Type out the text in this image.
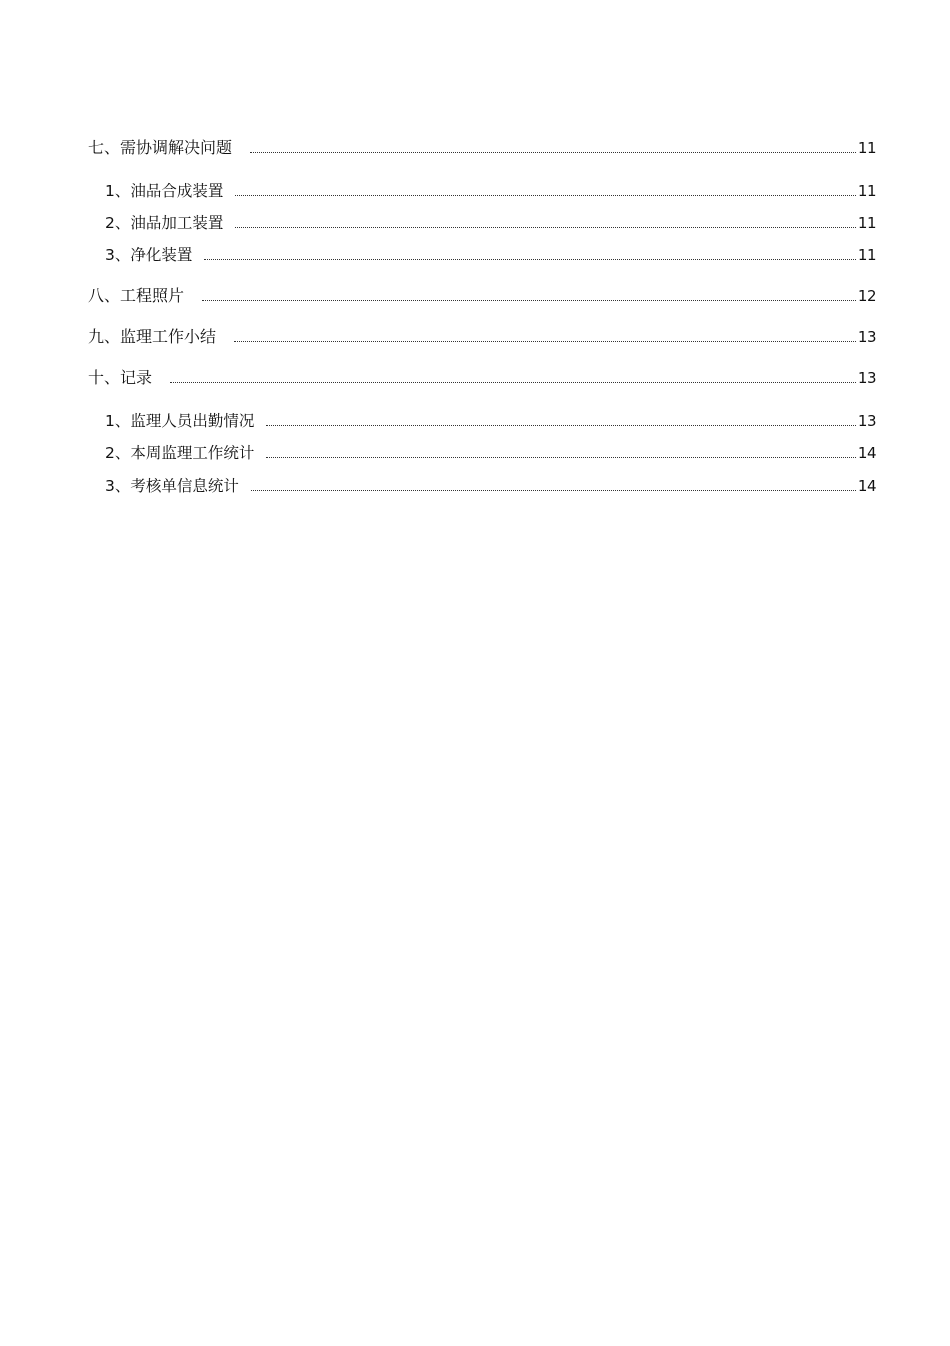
七、 需协调解决问题	11
1、 油品合成装置	11
2、 油品加工装置	11
3、 净化装置	11
八、 工程照片	12
九、 监理工作小结	13
十、 记录	13
1、 监理人员出勤情况	13
2、 本周监理工作统计	14
3、 考核单信息统计	14
